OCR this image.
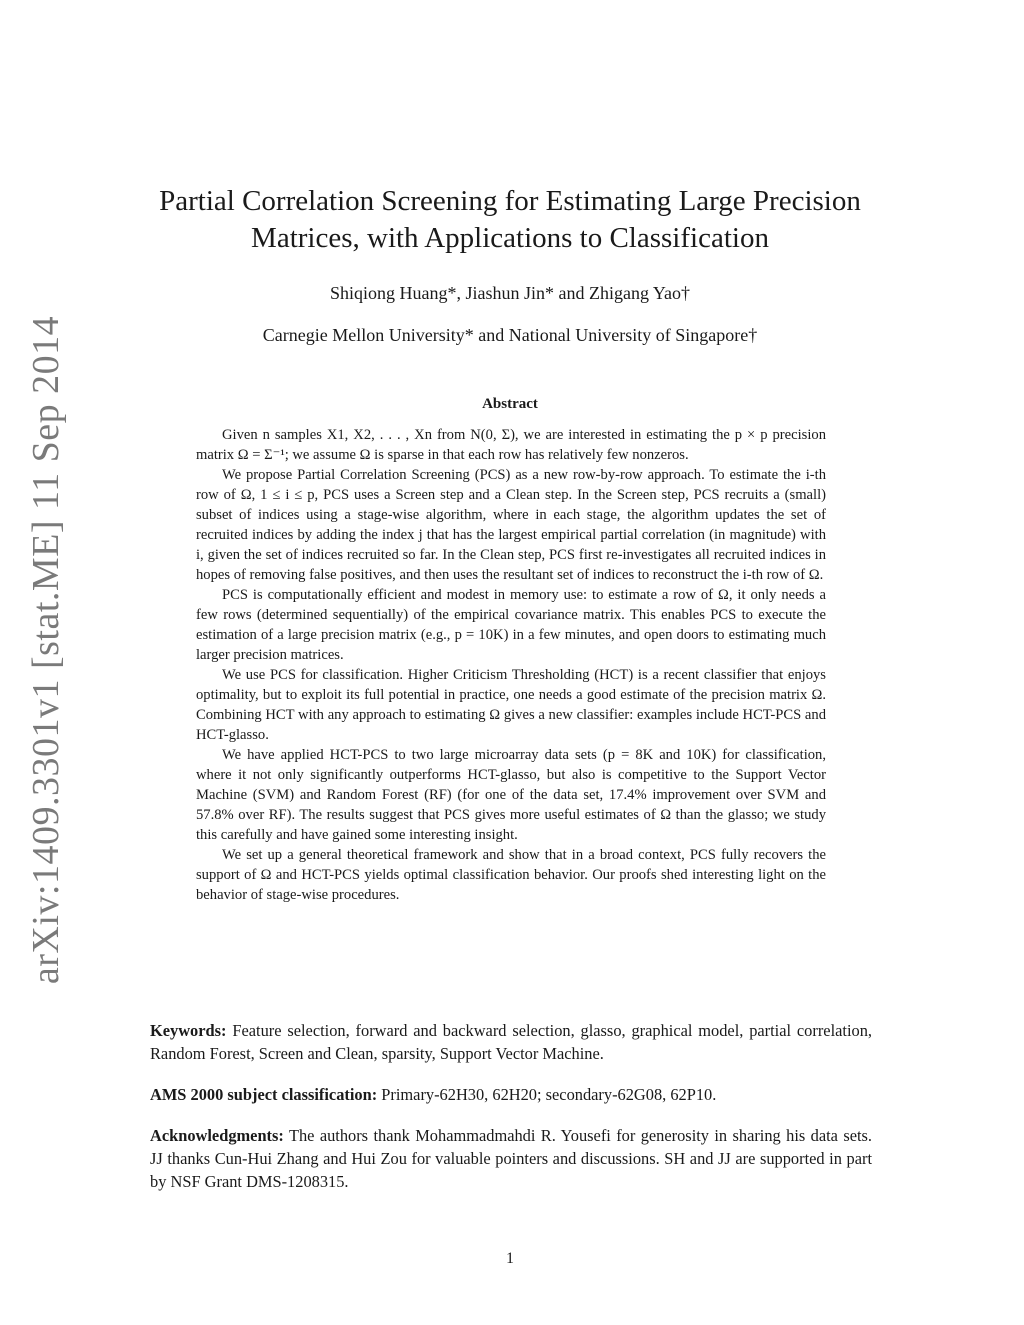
arXiv:1409.3301v1 [stat.ME] 11 Sep 2014
Partial Correlation Screening for Estimating Large Precision Matrices, with Applications to Classification
Shiqiong Huang*, Jiashun Jin* and Zhigang Yao†
Carnegie Mellon University* and National University of Singapore†
Abstract

Given n samples X1, X2, . . . , Xn from N(0, Σ), we are interested in estimating the p × p precision matrix Ω = Σ⁻¹; we assume Ω is sparse in that each row has relatively few nonzeros.

We propose Partial Correlation Screening (PCS) as a new row-by-row approach. To estimate the i-th row of Ω, 1 ≤ i ≤ p, PCS uses a Screen step and a Clean step. In the Screen step, PCS recruits a (small) subset of indices using a stage-wise algorithm, where in each stage, the algorithm updates the set of recruited indices by adding the index j that has the largest empirical partial correlation (in magnitude) with i, given the set of indices recruited so far. In the Clean step, PCS first re-investigates all recruited indices in hopes of removing false positives, and then uses the resultant set of indices to reconstruct the i-th row of Ω.

PCS is computationally efficient and modest in memory use: to estimate a row of Ω, it only needs a few rows (determined sequentially) of the empirical covariance matrix. This enables PCS to execute the estimation of a large precision matrix (e.g., p = 10K) in a few minutes, and open doors to estimating much larger precision matrices.

We use PCS for classification. Higher Criticism Thresholding (HCT) is a recent classifier that enjoys optimality, but to exploit its full potential in practice, one needs a good estimate of the precision matrix Ω. Combining HCT with any approach to estimating Ω gives a new classifier: examples include HCT-PCS and HCT-glasso.

We have applied HCT-PCS to two large microarray data sets (p = 8K and 10K) for classification, where it not only significantly outperforms HCT-glasso, but also is competitive to the Support Vector Machine (SVM) and Random Forest (RF) (for one of the data set, 17.4% improvement over SVM and 57.8% over RF). The results suggest that PCS gives more useful estimates of Ω than the glasso; we study this carefully and have gained some interesting insight.

We set up a general theoretical framework and show that in a broad context, PCS fully recovers the support of Ω and HCT-PCS yields optimal classification behavior. Our proofs shed interesting light on the behavior of stage-wise procedures.

Keywords: Feature selection, forward and backward selection, glasso, graphical model, partial correlation, Random Forest, Screen and Clean, sparsity, Support Vector Machine.

AMS 2000 subject classification: Primary-62H30, 62H20; secondary-62G08, 62P10.

Acknowledgments: The authors thank Mohammadmahdi R. Yousefi for generosity in sharing his data sets. JJ thanks Cun-Hui Zhang and Hui Zou for valuable pointers and discussions. SH and JJ are supported in part by NSF Grant DMS-1208315.

1
